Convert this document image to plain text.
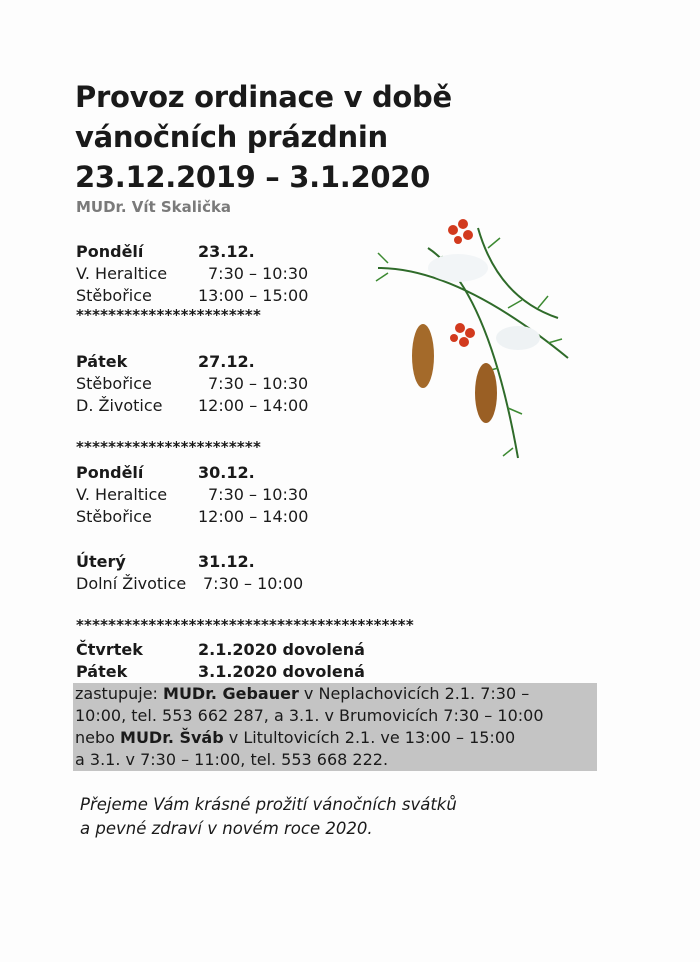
Provoz ordinace v době
vánočních prázdnin
23.12.2019 – 3.1.2020
MUDr. Vít Skalička
Pondělí	23.12.
V. Heraltice	7:30 – 10:30
Stěbořice	13:00 – 15:00
***********************
Pátek	27.12.
Stěbořice	7:30 – 10:30
D. Životice 12:00 – 14:00
***********************
Pondělí	30.12.
V. Heraltice	7:30 – 10:30
Stěbořice	12:00 – 14:00
Úterý	31.12.
Dolní Životice 7:30 – 10:00
******************************************
Čtvrtek	2.1.2020 dovolená
Pátek	3.1.2020 dovolená
zastupuje: MUDr. Gebauer v Neplachovicích 2.1. 7:30 –
10:00, tel. 553 662 287, a 3.1. v Brumovicích 7:30 – 10:00
nebo MUDr. Šváb v Litultovicích 2.1. ve 13:00 – 15:00
a 3.1. v 7:30 – 11:00, tel. 553 668 222.
Přejeme Vám krásné prožití vánočních svátků
a pevné zdraví v novém roce 2020.
